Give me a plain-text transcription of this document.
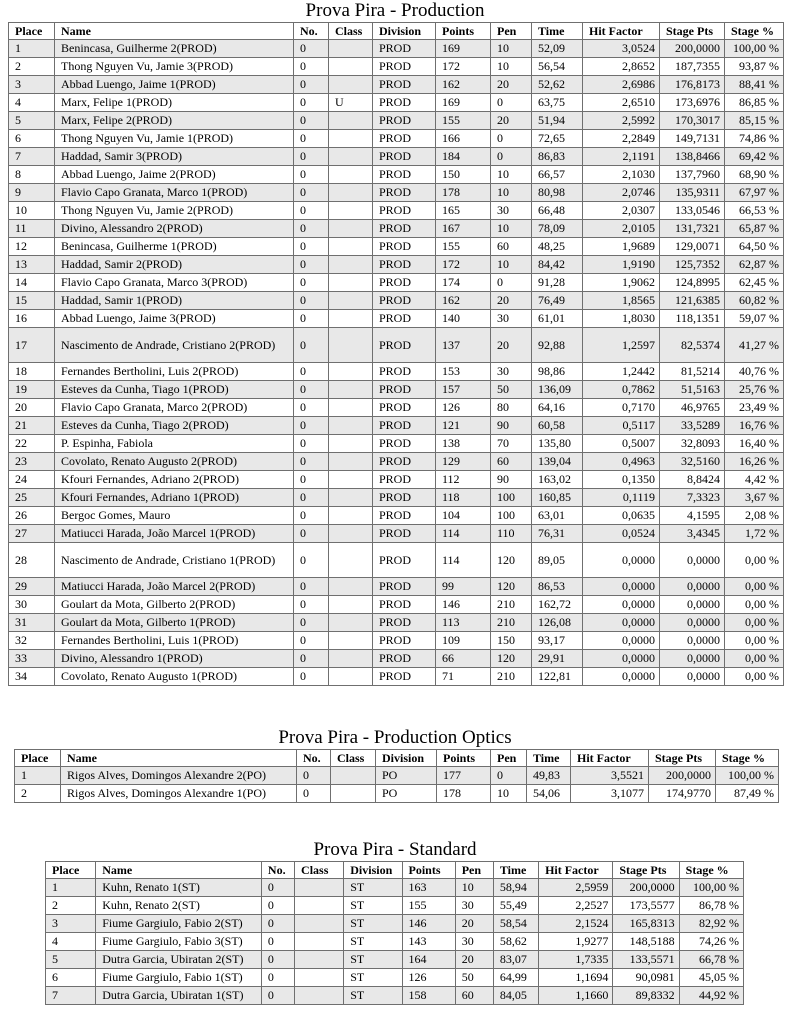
Prova Pira - Production
Place	Name	No.	Class	Division	Points	Pen	Time	Hit Factor	Stage Pts	Stage %
1	Benincasa, Guilherme 2(PROD)	0		PROD	169	10	52,09	3,0524	200,0000	100,00 %
2	Thong Nguyen Vu, Jamie 3(PROD)	0		PROD	172	10	56,54	2,8652	187,7355	93,87 %
3	Abbad Luengo, Jaime 1(PROD)	0		PROD	162	20	52,62	2,6986	176,8173	88,41 %
4	Marx, Felipe 1(PROD)	0	U	PROD	169	0	63,75	2,6510	173,6976	86,85 %
5	Marx, Felipe 2(PROD)	0		PROD	155	20	51,94	2,5992	170,3017	85,15 %
6	Thong Nguyen Vu, Jamie 1(PROD)	0		PROD	166	0	72,65	2,2849	149,7131	74,86 %
7	Haddad, Samir 3(PROD)	0		PROD	184	0	86,83	2,1191	138,8466	69,42 %
8	Abbad Luengo, Jaime 2(PROD)	0		PROD	150	10	66,57	2,1030	137,7960	68,90 %
9	Flavio Capo Granata, Marco 1(PROD)	0		PROD	178	10	80,98	2,0746	135,9311	67,97 %
10	Thong Nguyen Vu, Jamie 2(PROD)	0		PROD	165	30	66,48	2,0307	133,0546	66,53 %
11	Divino, Alessandro 2(PROD)	0		PROD	167	10	78,09	2,0105	131,7321	65,87 %
12	Benincasa, Guilherme 1(PROD)	0		PROD	155	60	48,25	1,9689	129,0071	64,50 %
13	Haddad, Samir 2(PROD)	0		PROD	172	10	84,42	1,9190	125,7352	62,87 %
14	Flavio Capo Granata, Marco 3(PROD)	0		PROD	174	0	91,28	1,9062	124,8995	62,45 %
15	Haddad, Samir 1(PROD)	0		PROD	162	20	76,49	1,8565	121,6385	60,82 %
16	Abbad Luengo, Jaime 3(PROD)	0		PROD	140	30	61,01	1,8030	118,1351	59,07 %
17	Nascimento de Andrade, Cristiano 2(PROD)	0		PROD	137	20	92,88	1,2597	82,5374	41,27 %
18	Fernandes Bertholini, Luis 2(PROD)	0		PROD	153	30	98,86	1,2442	81,5214	40,76 %
19	Esteves da Cunha, Tiago 1(PROD)	0		PROD	157	50	136,09	0,7862	51,5163	25,76 %
20	Flavio Capo Granata, Marco 2(PROD)	0		PROD	126	80	64,16	0,7170	46,9765	23,49 %
21	Esteves da Cunha, Tiago 2(PROD)	0		PROD	121	90	60,58	0,5117	33,5289	16,76 %
22	P. Espinha, Fabiola	0		PROD	138	70	135,80	0,5007	32,8093	16,40 %
23	Covolato, Renato Augusto 2(PROD)	0		PROD	129	60	139,04	0,4963	32,5160	16,26 %
24	Kfouri Fernandes, Adriano 2(PROD)	0		PROD	112	90	163,02	0,1350	8,8424	4,42 %
25	Kfouri Fernandes, Adriano 1(PROD)	0		PROD	118	100	160,85	0,1119	7,3323	3,67 %
26	Bergoc Gomes, Mauro	0		PROD	104	100	63,01	0,0635	4,1595	2,08 %
27	Matiucci Harada, João Marcel 1(PROD)	0		PROD	114	110	76,31	0,0524	3,4345	1,72 %
28	Nascimento de Andrade, Cristiano 1(PROD)	0		PROD	114	120	89,05	0,0000	0,0000	0,00 %
29	Matiucci Harada, João Marcel 2(PROD)	0		PROD	99	120	86,53	0,0000	0,0000	0,00 %
30	Goulart da Mota, Gilberto 2(PROD)	0		PROD	146	210	162,72	0,0000	0,0000	0,00 %
31	Goulart da Mota, Gilberto 1(PROD)	0		PROD	113	210	126,08	0,0000	0,0000	0,00 %
32	Fernandes Bertholini, Luis 1(PROD)	0		PROD	109	150	93,17	0,0000	0,0000	0,00 %
33	Divino, Alessandro 1(PROD)	0		PROD	66	120	29,91	0,0000	0,0000	0,00 %
34	Covolato, Renato Augusto 1(PROD)	0		PROD	71	210	122,81	0,0000	0,0000	0,00 %
Prova Pira - Production Optics
Place	Name	No.	Class	Division	Points	Pen	Time	Hit Factor	Stage Pts	Stage %
1	Rigos Alves, Domingos Alexandre 2(PO)	0		PO	177	0	49,83	3,5521	200,0000	100,00 %
2	Rigos Alves, Domingos Alexandre 1(PO)	0		PO	178	10	54,06	3,1077	174,9770	87,49 %
Prova Pira - Standard
Place	Name	No.	Class	Division	Points	Pen	Time	Hit Factor	Stage Pts	Stage %
1	Kuhn, Renato 1(ST)	0		ST	163	10	58,94	2,5959	200,0000	100,00 %
2	Kuhn, Renato 2(ST)	0		ST	155	30	55,49	2,2527	173,5577	86,78 %
3	Fiume Gargiulo, Fabio 2(ST)	0		ST	146	20	58,54	2,1524	165,8313	82,92 %
4	Fiume Gargiulo, Fabio 3(ST)	0		ST	143	30	58,62	1,9277	148,5188	74,26 %
5	Dutra Garcia, Ubiratan 2(ST)	0		ST	164	20	83,07	1,7335	133,5571	66,78 %
6	Fiume Gargiulo, Fabio 1(ST)	0		ST	126	50	64,99	1,1694	90,0981	45,05 %
7	Dutra Garcia, Ubiratan 1(ST)	0		ST	158	60	84,05	1,1660	89,8332	44,92 %
